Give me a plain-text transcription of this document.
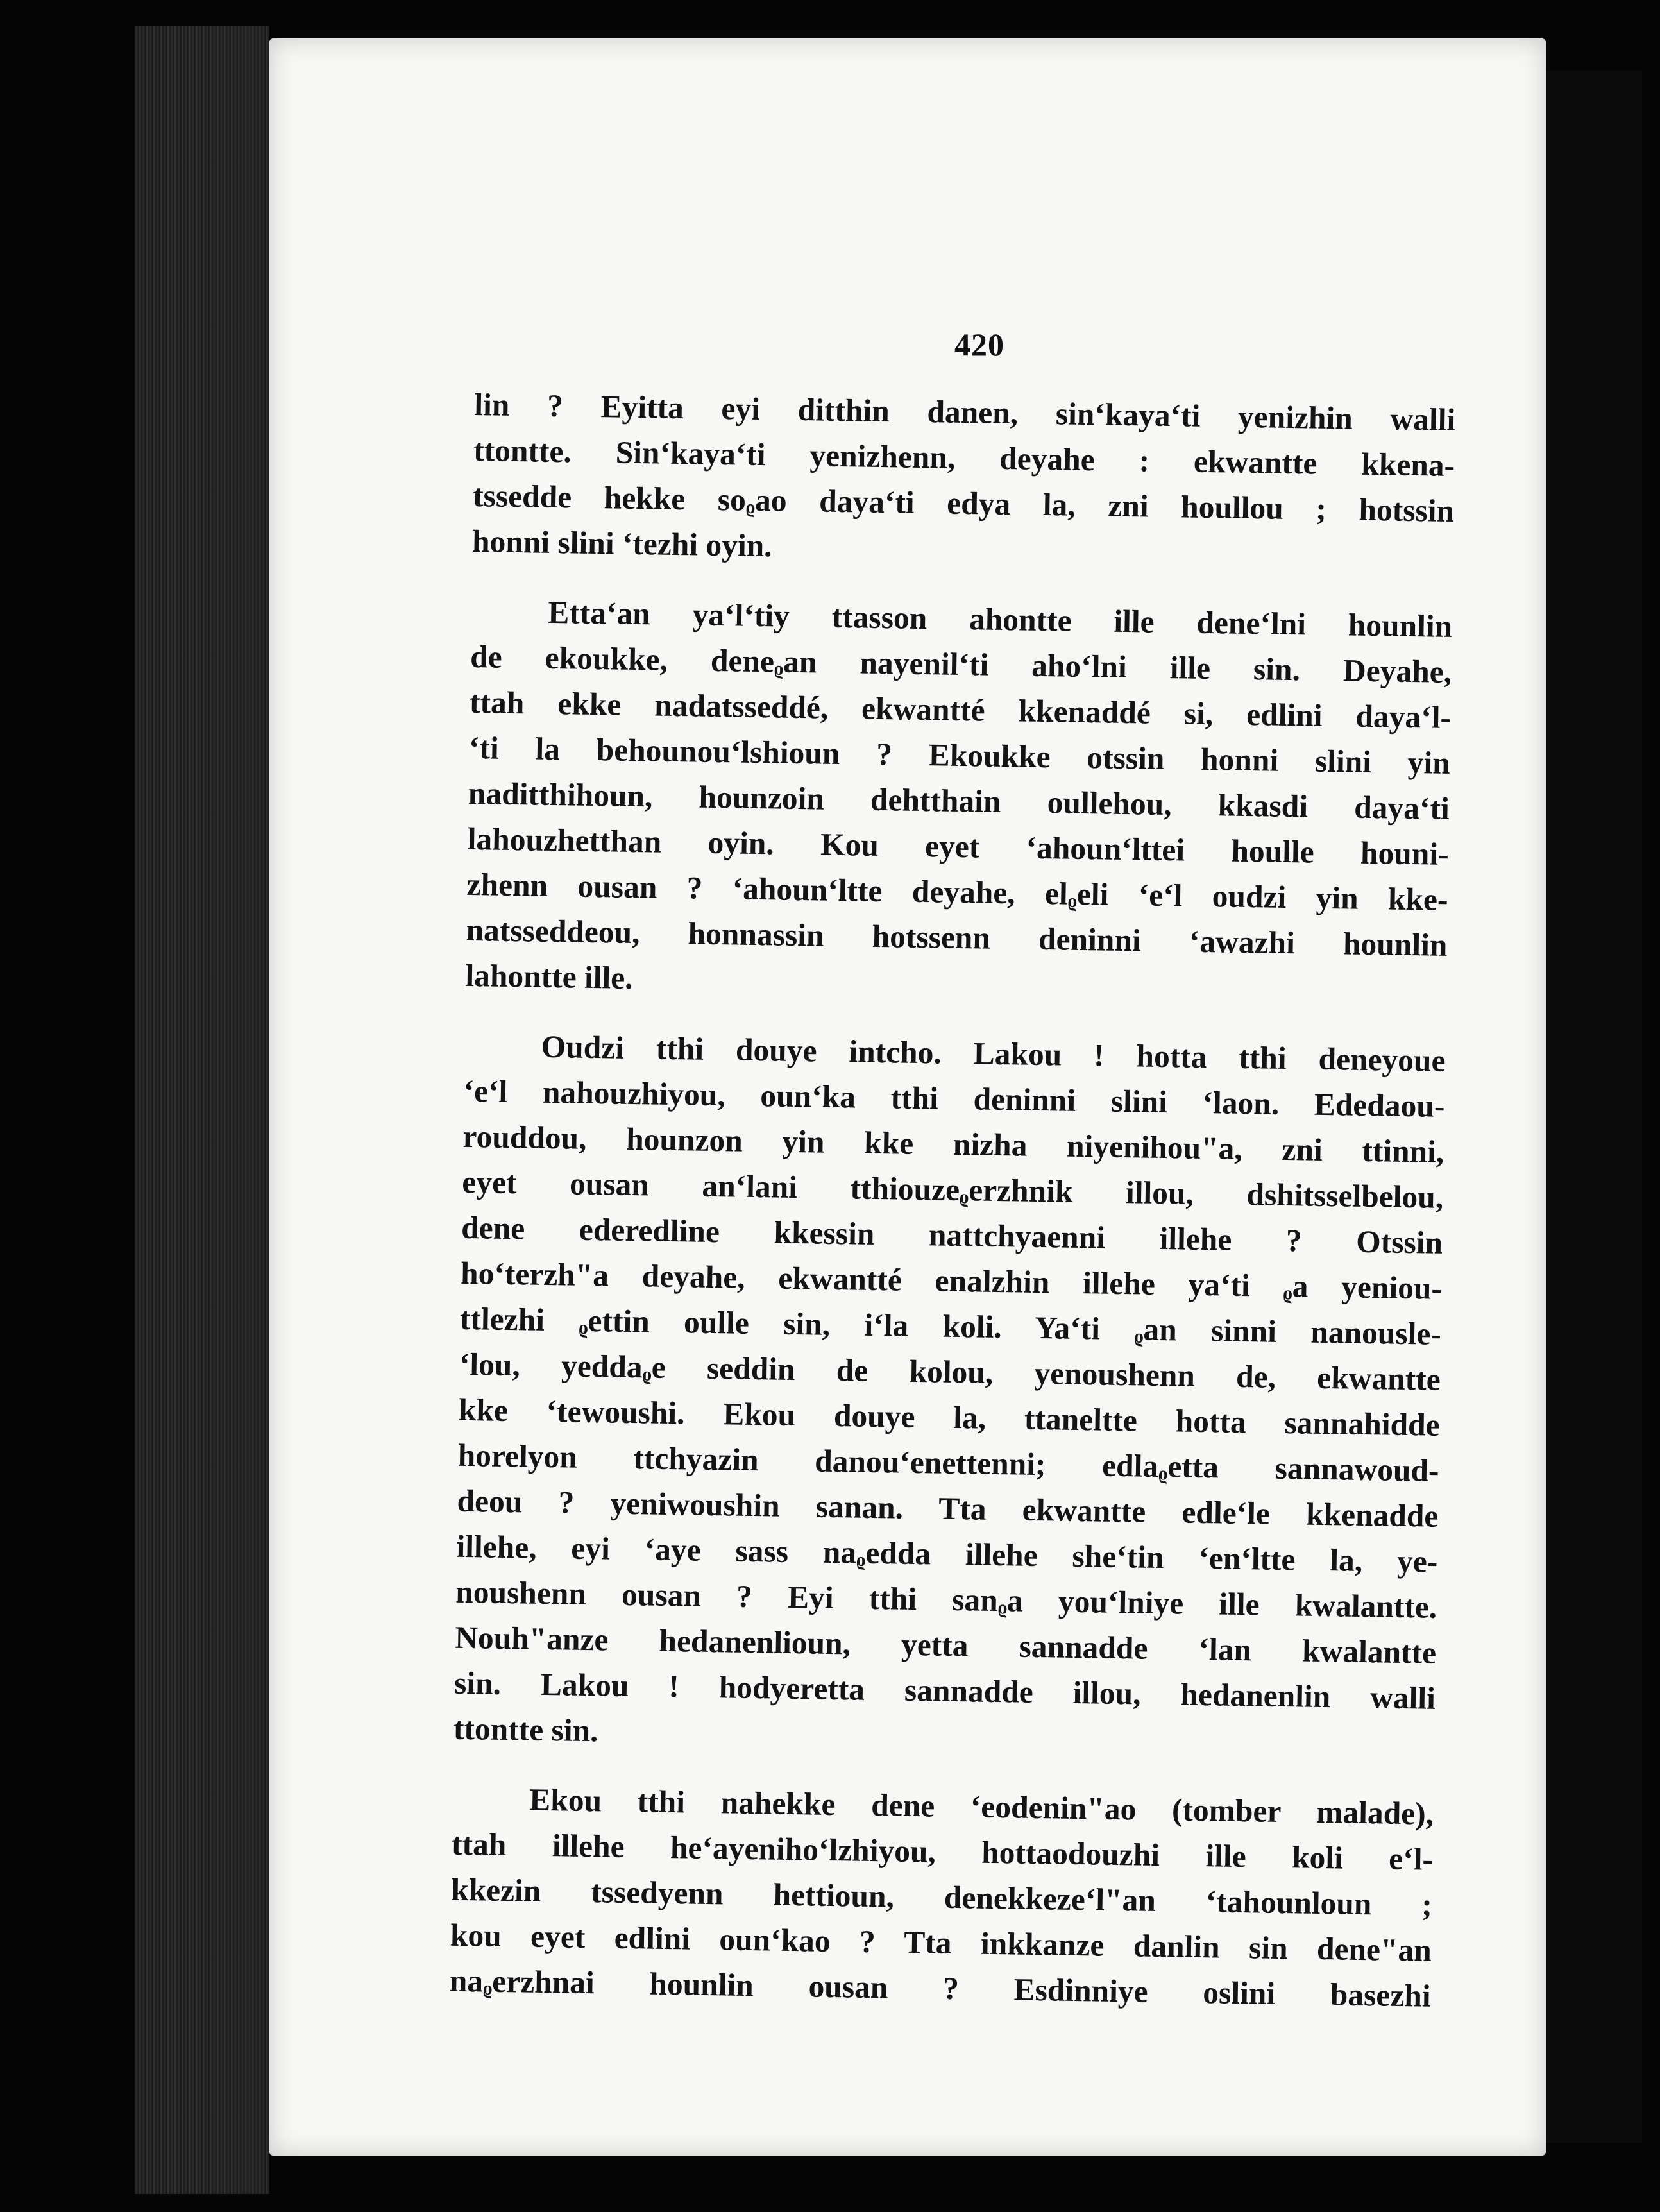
420
lin ? Eyitta eyi ditthin danen, sin‘kaya‘ti yenizhin walli
ttontte. Sin‘kaya‘ti yenizhenn, deyahe : ekwantte kkena-
tssedde hekke soᵨao daya‘ti edya la, zni houllou ; hotssin
honni slini ‘tezhi oyin.
Etta‘an ya‘l‘tiy ttasson ahontte ille dene‘lni hounlin
de ekoukke, deneᵨan nayenil‘ti aho‘lni ille sin. Deyahe,
ttah ekke nadatsseddé, ekwantté kkenaddé si, edlini daya‘l-
‘ti la behounou‘lshioun ? Ekoukke otssin honni slini yin
naditthihoun, hounzoin dehtthain oullehou, kkasdi daya‘ti
lahouzhetthan oyin. Kou eyet ‘ahoun‘lttei houlle houni-
zhenn ousan ? ‘ahoun‘ltte deyahe, elᵨeli ‘e‘l oudzi yin kke-
natsseddeou, honnassin hotssenn deninni ‘awazhi hounlin
lahontte ille.
Oudzi tthi douye intcho. Lakou ! hotta tthi deneyoue
‘e‘l nahouzhiyou, oun‘ka tthi deninni slini ‘laon. Ededaou-
rouddou, hounzon yin kke nizha niyenihou"a, zni ttinni,
eyet ousan an‘lani tthiouzeᵨerzhnik illou, dshitsselbelou,
dene ederedline kkessin nattchyaenni illehe ? Otssin
ho‘terzh"a deyahe, ekwantté enalzhin illehe ya‘ti ᵨa yeniou-
ttlezhi ᵨettin oulle sin, i‘la koli. Ya‘ti ᵨan sinni nanousle-
‘lou, yeddaᵨe seddin de kolou, yenoushenn de, ekwantte
kke ‘tewoushi. Ekou douye la, ttaneltte hotta sannahidde
horelyon ttchyazin danou‘enettenni; edlaᵨetta sannawoud-
deou ? yeniwoushin sanan. Tta ekwantte edle‘le kkenadde
illehe, eyi ‘aye sass naᵨedda illehe she‘tin ‘en‘ltte la, ye-
noushenn ousan ? Eyi tthi sanᵨa you‘lniye ille kwalantte.
Nouh"anze hedanenlioun, yetta sannadde ‘lan kwalantte
sin. Lakou ! hodyeretta sannadde illou, hedanenlin walli
ttontte sin.
Ekou tthi nahekke dene ‘eodenin"ao (tomber malade),
ttah illehe he‘ayeniho‘lzhiyou, hottaodouzhi ille koli e‘l-
kkezin tssedyenn hettioun, denekkeze‘l"an ‘tahounloun ;
kou eyet edlini oun‘kao ? Tta inkkanze danlin sin dene"an
naᵨerzhnai hounlin ousan ? Esdinniye oslini basezhi
